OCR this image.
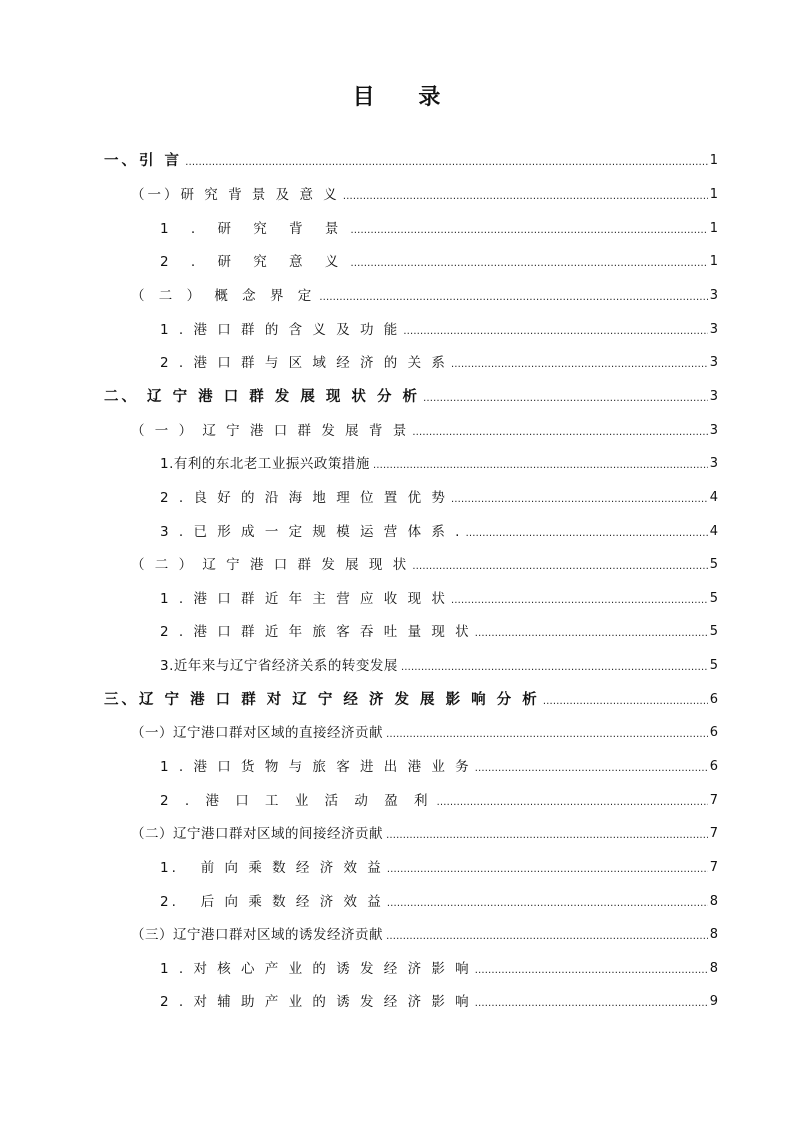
目 录
一、引 言 …………………………………………………………………………………………………………………………………………………………………………………………………………	1
（一）研 究 背 景 及 意 义 …………………………………………………………………………………………………………………………………………………………………………………………………………	1
1 . 研 究 背 景 …………………………………………………………………………………………………………………………………………………………………………………………………………	1
2 . 研 究 意 义 …………………………………………………………………………………………………………………………………………………………………………………………………………	1
（ 二 ） 概 念 界 定 …………………………………………………………………………………………………………………………………………………………………………………………………………	3
1 . 港 口 群 的 含 义 及 功 能 …………………………………………………………………………………………………………………………………………………………………………………………………………	3
2 . 港 口 群 与 区 域 经 济 的 关 系 …………………………………………………………………………………………………………………………………………………………………………………………………………	3
二、 辽 宁 港 口 群 发 展 现 状 分 析 …………………………………………………………………………………………………………………………………………………………………………………………………………	3
（ 一 ） 辽 宁 港 口 群 发 展 背 景 …………………………………………………………………………………………………………………………………………………………………………………………………………	3
1.有利的东北老工业振兴政策措施 …………………………………………………………………………………………………………………………………………………………………………………………………………	3
2 . 良 好 的 沿 海 地 理 位 置 优 势 …………………………………………………………………………………………………………………………………………………………………………………………………………	4
3 . 已 形 成 一 定 规 模 运 营 体 系 . …………………………………………………………………………………………………………………………………………………………………………………………………………	4
（ 二 ） 辽 宁 港 口 群 发 展 现 状 …………………………………………………………………………………………………………………………………………………………………………………………………………	5
1 . 港 口 群 近 年 主 营 应 收 现 状 …………………………………………………………………………………………………………………………………………………………………………………………………………	5
2 . 港 口 群 近 年 旅 客 吞 吐 量 现 状 …………………………………………………………………………………………………………………………………………………………………………………………………………	5
3.近年来与辽宁省经济关系的转变发展 …………………………………………………………………………………………………………………………………………………………………………………………………………	5
三、辽 宁 港 口 群 对 辽 宁 经 济 发 展 影 响 分 析 …………………………………………………………………………………………………………………………………………………………………………………………………………	6
（一）辽宁港口群对区域的直接经济贡献 …………………………………………………………………………………………………………………………………………………………………………………………………………	6
1 . 港 口 货 物 与 旅 客 进 出 港 业 务 …………………………………………………………………………………………………………………………………………………………………………………………………………	6
2 . 港 口 工 业 活 动 盈 利 …………………………………………………………………………………………………………………………………………………………………………………………………………	7
（二）辽宁港口群对区域的间接经济贡献 …………………………………………………………………………………………………………………………………………………………………………………………………………	7
1.   前 向 乘 数 经 济 效 益 …………………………………………………………………………………………………………………………………………………………………………………………………………	7
2.   后 向 乘 数 经 济 效 益 …………………………………………………………………………………………………………………………………………………………………………………………………………	8
（三）辽宁港口群对区域的诱发经济贡献 …………………………………………………………………………………………………………………………………………………………………………………………………………	8
1 . 对 核 心 产 业 的 诱 发 经 济 影 响 …………………………………………………………………………………………………………………………………………………………………………………………………………	8
2 . 对 辅 助 产 业 的 诱 发 经 济 影 响 …………………………………………………………………………………………………………………………………………………………………………………………………………	9
